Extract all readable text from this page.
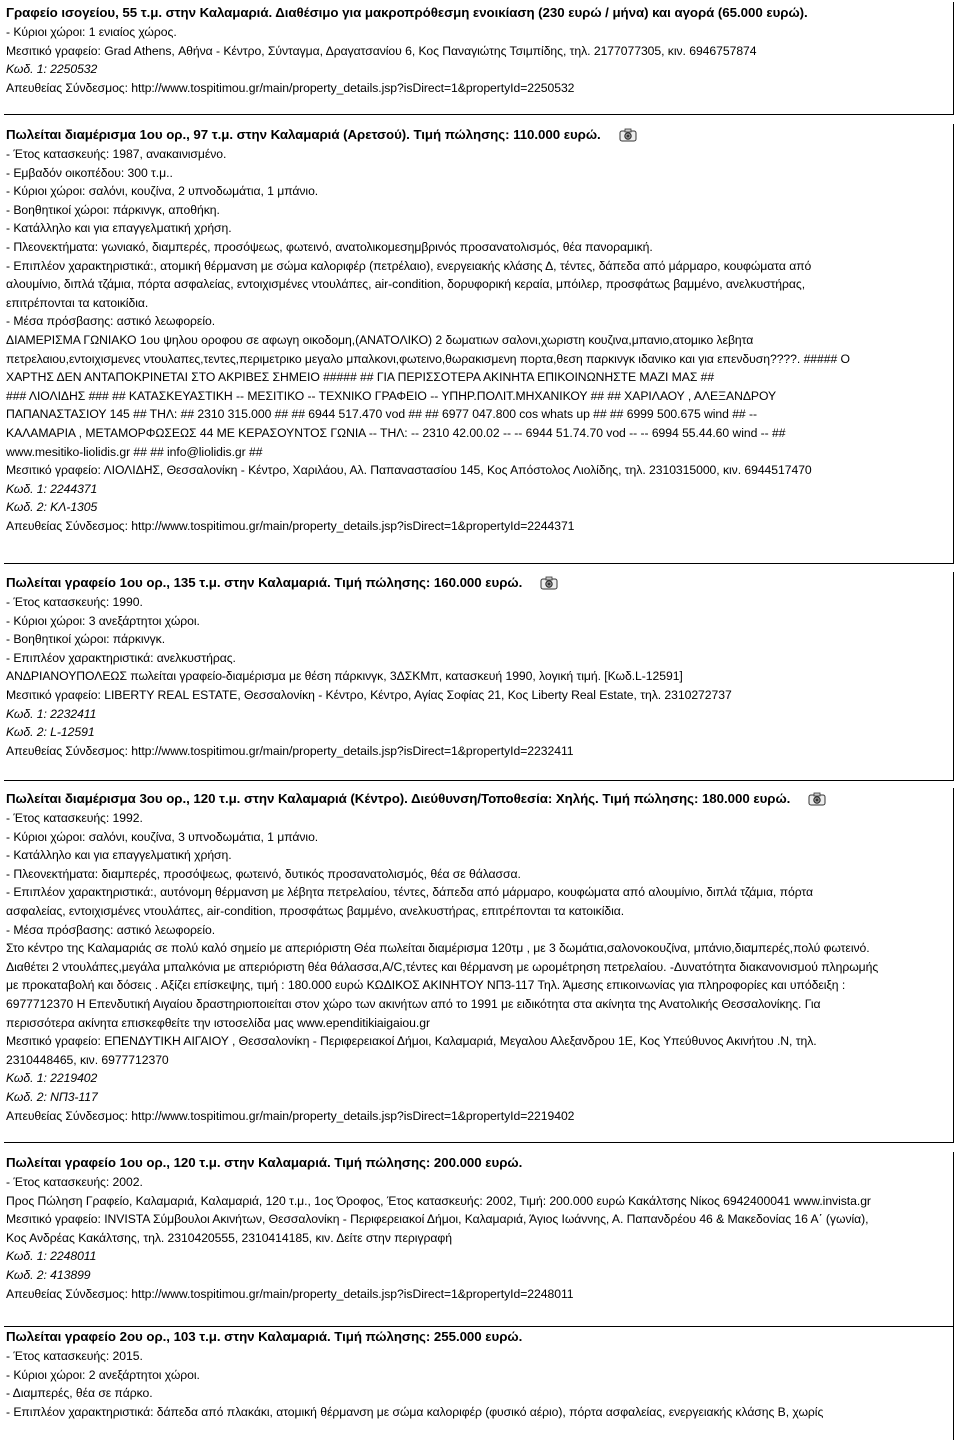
Γραφείο ισογείου, 55 τ.μ. στην Καλαμαριά. Διαθέσιμο για μακροπρόθεσμη ενοικίαση (230 ευρώ / μήνα) και αγορά (65.000 ευρώ).
- Κύριοι χώροι: 1 ενιαίος χώρος.
Μεσιτικό γραφείο: Grad Athens, Αθήνα - Κέντρο, Σύνταγμα, Δραγατσανίου 6, Κος Παναγιώτης Τσιμπίδης, τηλ. 2177077305, κιν. 6946757874
Κωδ. 1: 2250532
Απευθείας Σύνδεσμος: http://www.tospitimou.gr/main/property_details.jsp?isDirect=1&propertyId=2250532
Πωλείται διαμέρισμα 1ου ορ., 97 τ.μ. στην Καλαμαριά (Αρετσού). Τιμή πώλησης: 110.000 ευρώ.
- Έτος κατασκευής: 1987, ανακαινισμένο.
- Εμβαδόν οικοπέδου: 300 τ.μ..
- Κύριοι χώροι: σαλόνι, κουζίνα, 2 υπνοδωμάτια, 1 μπάνιο.
- Βοηθητικοί χώροι: πάρκινγκ, αποθήκη.
- Κατάλληλο και για επαγγελματική χρήση.
- Πλεονεκτήματα: γωνιακό, διαμπερές, προσόψεως, φωτεινό, ανατολικομεσημβρινός προσανατολισμός, θέα πανοραμική.
- Επιπλέον χαρακτηριστικά:, ατομική θέρμανση με σώμα καλοριφέρ (πετρέλαιο), ενεργειακής κλάσης Δ, τέντες, δάπεδα από μάρμαρο, κουφώματα από
αλουμίνιο, διπλά τζάμια, πόρτα ασφαλείας, εντοιχισμένες ντουλάπες, air-condition, δορυφορική κεραία, μπόιλερ, προσφάτως βαμμένο, ανελκυστήρας,
επιτρέπονται τα κατοικίδια.
- Μέσα πρόσβασης: αστικό λεωφορείο.
ΔΙΑΜΕΡΙΣΜΑ ΓΩΝΙΑΚΟ 1ου ψηλου οροφου σε αφωγη οικοδομη,(ΑΝΑΤΟΛΙΚΟ) 2 δωματιων σαλονι,χωριστη κουζινα,μπανιο,ατομικο λεβητα
πετρελαιου,εντοιχισμενες ντουλαπες,τεντες,περιμετρικο μεγαλο μπαλκονι,φωτεινο,θωρακισμενη πορτα,θεση παρκινγκ ιδανικο και για επενδυση????. ##### Ο
ΧΑΡΤΗΣ ΔΕΝ ΑΝΤΑΠΟΚΡΙΝΕΤΑΙ ΣΤΟ ΑΚΡΙΒΕΣ ΣΗΜΕΙΟ ##### ## ΓΙΑ ΠΕΡΙΣΣΟΤΕΡΑ ΑΚΙΝΗΤΑ ΕΠΙΚΟΙΝΩΝΗΣΤΕ ΜΑΖΙ ΜΑΣ ##
### ΛΙΟΛΙΔΗΣ ### ## ΚΑΤΑΣΚΕΥΑΣΤΙΚΗ -- ΜΕΣΙΤΙΚΟ -- ΤΕΧΝΙΚΟ ΓΡΑΦΕΙΟ -- ΥΠΗΡ.ΠΟΛΙΤ.ΜΗΧΑΝΙΚΟΥ ## ## ΧΑΡΙΛΑΟΥ , ΑΛΕΞΑΝΔΡΟΥ
ΠΑΠΑΝΑΣΤΑΣΙΟΥ 145 ## ΤΗΛ: ## 2310 315.000 ## ## 6944 517.470 vod ## ## 6977 047.800 cos whats up ## ## 6999 500.675 wind ## --
ΚΑΛΑΜΑΡΙΑ , ΜΕΤΑΜΟΡΦΩΣΕΩΣ 44 ΜΕ ΚΕΡΑΣΟΥΝΤΟΣ ΓΩΝΙΑ -- ΤΗΛ: -- 2310 42.00.02 -- -- 6944 51.74.70 vod -- -- 6994 55.44.60 wind -- ##
www.mesitiko-liolidis.gr ## ## info@liolidis.gr ##
Μεσιτικό γραφείο: ΛΙΟΛΙΔΗΣ, Θεσσαλονίκη - Κέντρο, Χαριλάου, Αλ. Παπαναστασίου 145, Κος Απόστολος Λιολίδης, τηλ. 2310315000, κιν. 6944517470
Κωδ. 1: 2244371
Κωδ. 2: ΚΛ-1305
Απευθείας Σύνδεσμος: http://www.tospitimou.gr/main/property_details.jsp?isDirect=1&propertyId=2244371
Πωλείται γραφείο 1ου ορ., 135 τ.μ. στην Καλαμαριά. Τιμή πώλησης: 160.000 ευρώ.
- Έτος κατασκευής: 1990.
- Κύριοι χώροι: 3 ανεξάρτητοι χώροι.
- Βοηθητικοί χώροι: πάρκινγκ.
- Επιπλέον χαρακτηριστικά: ανελκυστήρας.
ΑΝΔΡΙΑΝΟΥΠΟΛΕΩΣ πωλείται γραφείο-διαμέρισμα με θέση πάρκινγκ, 3ΔΣΚΜπ, κατασκευή 1990, λογική τιμή. [Κωδ.L-12591]
Μεσιτικό γραφείο: LIBERTY REAL ESTATE, Θεσσαλονίκη - Κέντρο, Κέντρο, Αγίας Σοφίας 21, Κος Liberty Real Estate, τηλ. 2310272737
Κωδ. 1: 2232411
Κωδ. 2: L-12591
Απευθείας Σύνδεσμος: http://www.tospitimou.gr/main/property_details.jsp?isDirect=1&propertyId=2232411
Πωλείται διαμέρισμα 3ου ορ., 120 τ.μ. στην Καλαμαριά (Κέντρο). Διεύθυνση/Τοποθεσία: Χηλής. Τιμή πώλησης: 180.000 ευρώ.
- Έτος κατασκευής: 1992.
- Κύριοι χώροι: σαλόνι, κουζίνα, 3 υπνοδωμάτια, 1 μπάνιο.
- Κατάλληλο και για επαγγελματική χρήση.
- Πλεονεκτήματα: διαμπερές, προσόψεως, φωτεινό, δυτικός προσανατολισμός, θέα σε θάλασσα.
- Επιπλέον χαρακτηριστικά:, αυτόνομη θέρμανση με λέβητα πετρελαίου, τέντες, δάπεδα από μάρμαρο, κουφώματα από αλουμίνιο, διπλά τζάμια, πόρτα
ασφαλείας, εντοιχισμένες ντουλάπες, air-condition, προσφάτως βαμμένο, ανελκυστήρας, επιτρέπονται τα κατοικίδια.
- Μέσα πρόσβασης: αστικό λεωφορείο.
Στο κέντρο της Καλαμαριάς σε πολύ καλό σημείο με απεριόριστη Θέα πωλείται διαμέρισμα 120τμ , με 3 δωμάτια,σαλονοκουζίνα, μπάνιο,διαμπερές,πολύ φωτεινό.
Διαθέτει 2 ντουλάπες,μεγάλα μπαλκόνια με απεριόριστη θέα θάλασσα,A/C,τέντες και θέρμανση με ωρομέτρηση πετρελαίου. -Δυνατότητα διακανονισμού πληρωμής
με προκαταβολή και δόσεις . Αξίζει επίσκεψης, τιμή : 180.000 ευρώ ΚΩΔΙΚΟΣ ΑΚΙΝΗΤΟΥ ΝΠ3-117 Τηλ. Άμεσης επικοινωνίας για πληροφορίες και υπόδειξη :
6977712370 Η Επενδυτική Αιγαίου δραστηριοποιείται στον χώρο των ακινήτων από το 1991 με ειδικότητα στα ακίνητα της Ανατολικής Θεσσαλονίκης. Για
περισσότερα ακίνητα επισκεφθείτε την ιστοσελίδα μας www.ependitikiaigaiou.gr
Μεσιτικό γραφείο: ΕΠΕΝΔΥΤΙΚΗ ΑΙΓΑΙΟΥ , Θεσσαλονίκη - Περιφερειακοί Δήμοι, Καλαμαριά, Μεγαλου Αλεξανδρου 1Ε, Κος Υπεύθυνος Ακινήτου .Ν, τηλ.
2310448465, κιν. 6977712370
Κωδ. 1: 2219402
Κωδ. 2: ΝΠ3-117
Απευθείας Σύνδεσμος: http://www.tospitimou.gr/main/property_details.jsp?isDirect=1&propertyId=2219402
Πωλείται γραφείο 1ου ορ., 120 τ.μ. στην Καλαμαριά. Τιμή πώλησης: 200.000 ευρώ.
- Έτος κατασκευής: 2002.
Προς Πώληση Γραφείο, Καλαμαριά, Καλαμαριά, 120 τ.μ., 1ος Όροφος, Έτος κατασκευής: 2002, Τιμή: 200.000 ευρώ Κακάλτσης Νίκος 6942400041 www.invista.gr
Μεσιτικό γραφείο: INVISTA Σύμβουλοι Ακινήτων, Θεσσαλονίκη - Περιφερειακοί Δήμοι, Καλαμαριά, Άγιος Ιωάννης, Α. Παπανδρέου 46 & Μακεδονίας 16 Α΄ (γωνία),
Κος Ανδρέας Κακάλτσης, τηλ. 2310420555, 2310414185, κιν. Δείτε στην περιγραφή
Κωδ. 1: 2248011
Κωδ. 2: 413899
Απευθείας Σύνδεσμος: http://www.tospitimou.gr/main/property_details.jsp?isDirect=1&propertyId=2248011
Πωλείται γραφείο 2ου ορ., 103 τ.μ. στην Καλαμαριά. Τιμή πώλησης: 255.000 ευρώ.
- Έτος κατασκευής: 2015.
- Κύριοι χώροι: 2 ανεξάρτητοι χώροι.
- Διαμπερές, θέα σε πάρκο.
- Επιπλέον χαρακτηριστικά: δάπεδα από πλακάκι, ατομική θέρμανση με σώμα καλοριφέρ (φυσικό αέριο), πόρτα ασφαλείας, ενεργειακής κλάσης Β, χωρίς
